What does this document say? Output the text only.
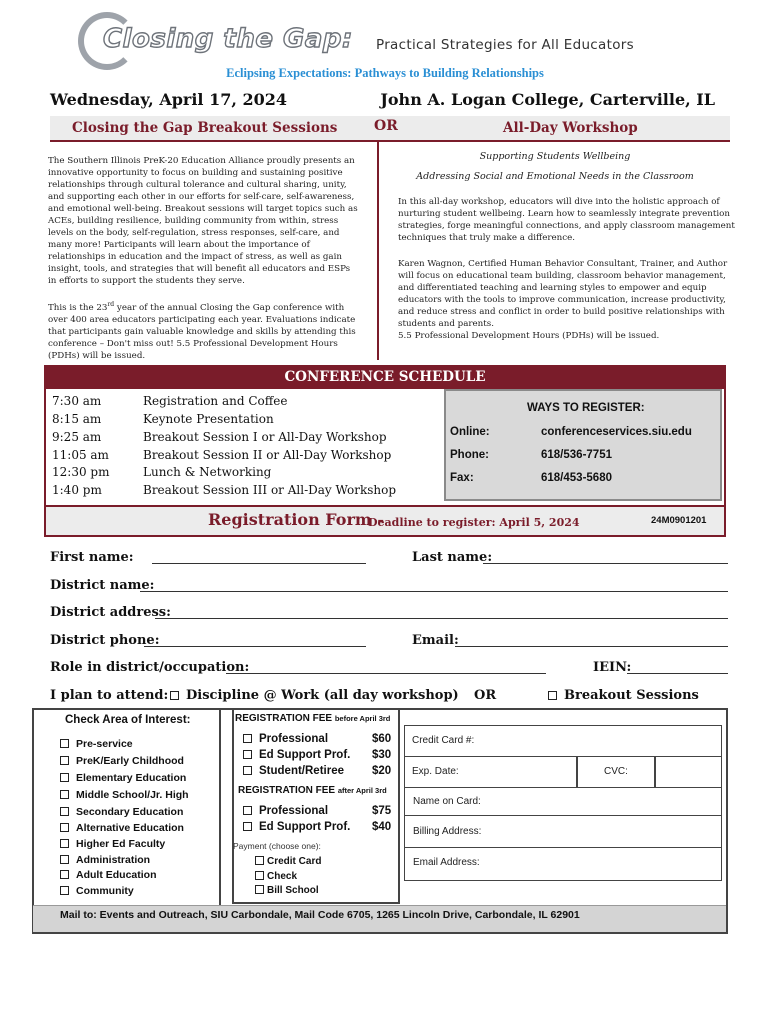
Closing the Gap: Practical Strategies for All Educators
Eclipsing Expectations: Pathways to Building Relationships
Wednesday, April 17, 2024	John A. Logan College, Carterville, IL
Closing the Gap Breakout Sessions	OR	All-Day Workshop
The Southern Illinois PreK-20 Education Alliance proudly presents an innovative opportunity to focus on building and sustaining positive relationships through cultural tolerance and cultural sharing, unity, and supporting each other in our efforts for self-care, self-awareness, and emotional well-being. Breakout sessions will target topics such as ACEs, building resilience, building community from within, stress levels on the body, self-regulation, stress responses, self-care, and many more! Participants will learn about the importance of relationships in education and the impact of stress, as well as gain insight, tools, and strategies that will benefit all educators and ESPs in efforts to support the students they serve.
This is the 23rd year of the annual Closing the Gap conference with over 400 area educators participating each year. Evaluations indicate that participants gain valuable knowledge and skills by attending this conference – Don't miss out! 5.5 Professional Development Hours (PDHs) will be issued.
Supporting Students Wellbeing
Addressing Social and Emotional Needs in the Classroom
In this all-day workshop, educators will dive into the holistic approach of nurturing student wellbeing. Learn how to seamlessly integrate prevention strategies, forge meaningful connections, and apply classroom management techniques that truly make a difference.
Karen Wagnon, Certified Human Behavior Consultant, Trainer, and Author will focus on educational team building, classroom behavior management, and differentiated teaching and learning styles to empower and equip educators with the tools to improve communication, increase productivity, and reduce stress and conflict in order to build positive relationships with students and parents.
5.5 Professional Development Hours (PDHs) will be issued.
CONFERENCE SCHEDULE
7:30 am	Registration and Coffee
8:15 am	Keynote Presentation
9:25 am	Breakout Session I or All-Day Workshop
11:05 am	Breakout Session II or All-Day Workshop
12:30 pm	Lunch & Networking
1:40 pm	Breakout Session III or All-Day Workshop
WAYS TO REGISTER:
Online:	conferenceservices.siu.edu
Phone:	618/536-7751
Fax:	618/453-5680
Registration Form -
Deadline to register: April 5, 2024	24M0901201
First name:	Last name:
District name:
District address:
District phone:	Email:
Role in district/occupation:	IEIN:
I plan to attend:	Discipline @ Work (all day workshop) OR	Breakout Sessions
Check Area of Interest:
Pre-service
PreK/Early Childhood
Elementary Education
Middle School/Jr. High
Secondary Education
Alternative Education
Higher Ed Faculty
Administration
Adult Education
Community
REGISTRATION FEE before April 3rd
Professional	$60
Ed Support Prof. $30
Student/Retiree $20
REGISTRATION FEE after April 3rd
Professional	$75
Ed Support Prof. $40
Payment (choose one):
Credit Card
Check
Bill School
Credit Card #:
Exp. Date:	CVC:
Name on Card:
Billing Address:
Email Address:
Mail to: Events and Outreach, SIU Carbondale, Mail Code 6705, 1265 Lincoln Drive, Carbondale, IL 62901
